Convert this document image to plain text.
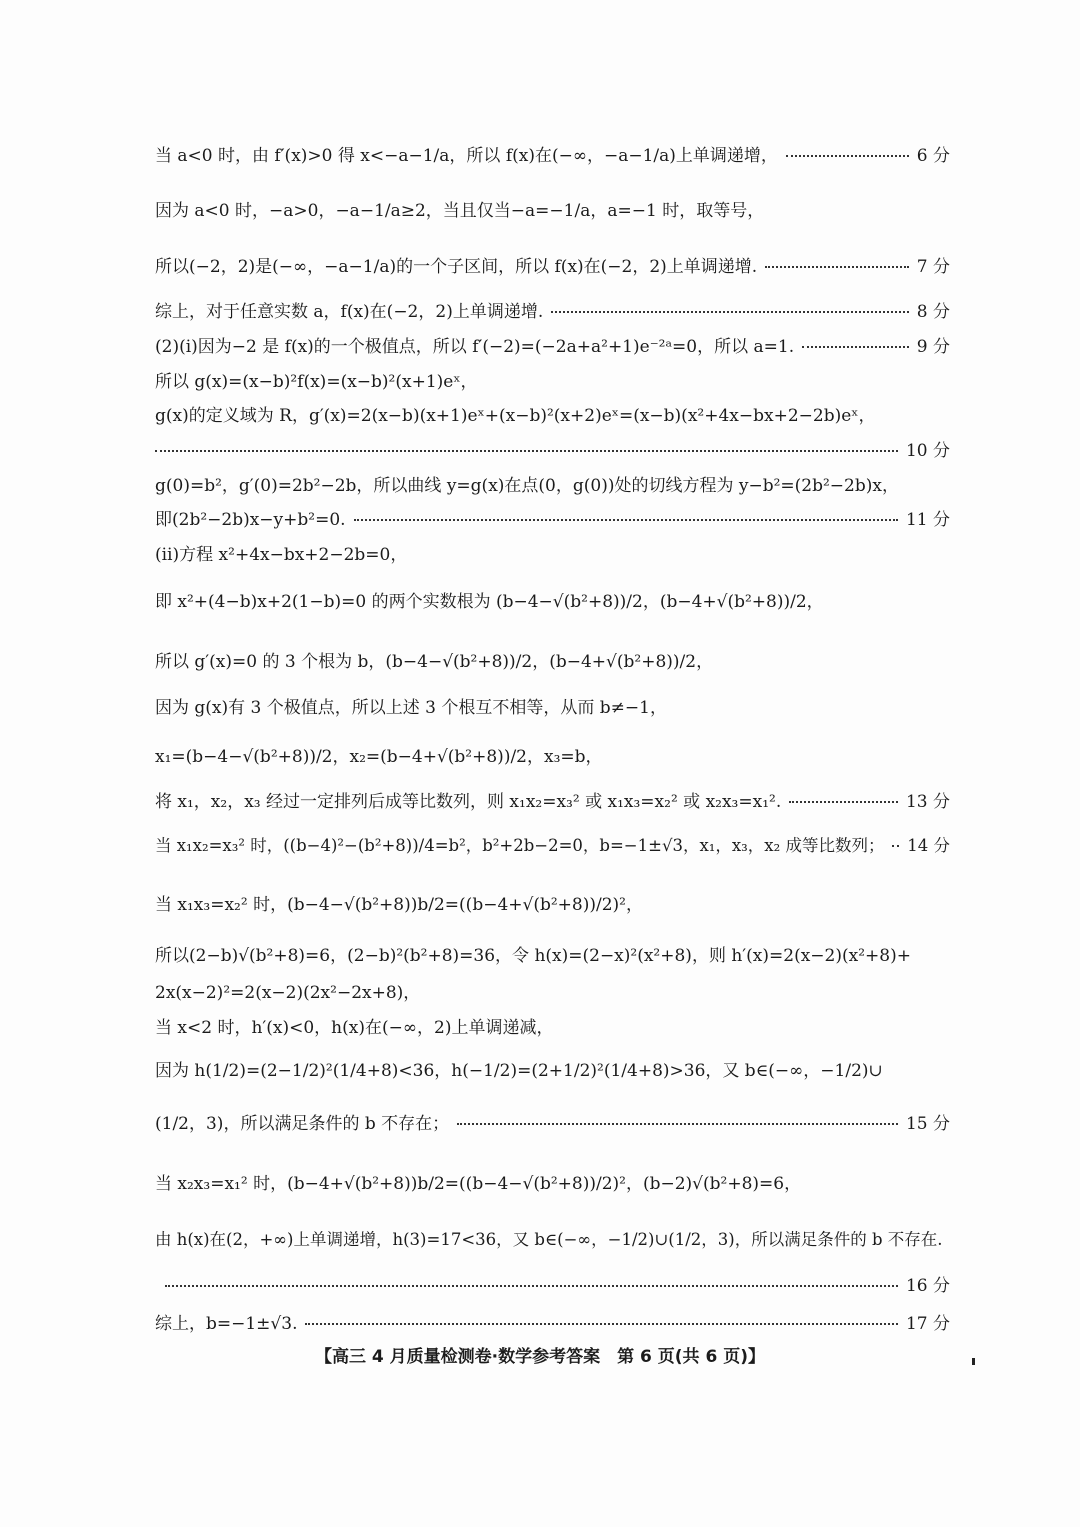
当 a<0 时，由 f′(x)>0 得 x<−a−1/a，所以 f(x)在(−∞，−a−1/a)上单调递增，	6 分
因为 a<0 时，−a>0，−a−1/a≥2，当且仅当−a=−1/a，a=−1 时，取等号，
所以(−2，2)是(−∞，−a−1/a)的一个子区间，所以 f(x)在(−2，2)上单调递增.	7 分
综上，对于任意实数 a，f(x)在(−2，2)上单调递增.	8 分
(2)(ⅰ)因为−2 是 f(x)的一个极值点，所以 f′(−2)=(−2a+a²+1)e⁻²ᵃ=0，所以 a=1.	9 分
所以 g(x)=(x−b)²f(x)=(x−b)²(x+1)eˣ，
g(x)的定义域为 R，g′(x)=2(x−b)(x+1)eˣ+(x−b)²(x+2)eˣ=(x−b)(x²+4x−bx+2−2b)eˣ，
10 分
g(0)=b²，g′(0)=2b²−2b，所以曲线 y=g(x)在点(0，g(0))处的切线方程为 y−b²=(2b²−2b)x，
即(2b²−2b)x−y+b²=0.	11 分
(ⅱ)方程 x²+4x−bx+2−2b=0，
即 x²+(4−b)x+2(1−b)=0 的两个实数根为 (b−4−√(b²+8))/2，(b−4+√(b²+8))/2，
所以 g′(x)=0 的 3 个根为 b，(b−4−√(b²+8))/2，(b−4+√(b²+8))/2，
因为 g(x)有 3 个极值点，所以上述 3 个根互不相等，从而 b≠−1，
x₁=(b−4−√(b²+8))/2，x₂=(b−4+√(b²+8))/2，x₃=b，
将 x₁，x₂，x₃ 经过一定排列后成等比数列，则 x₁x₂=x₃² 或 x₁x₃=x₂² 或 x₂x₃=x₁².	13 分
当 x₁x₂=x₃² 时，((b−4)²−(b²+8))/4=b²，b²+2b−2=0，b=−1±√3，x₁，x₃，x₂ 成等比数列； 14 分
当 x₁x₃=x₂² 时，(b−4−√(b²+8))b/2=((b−4+√(b²+8))/2)²，
所以(2−b)√(b²+8)=6，(2−b)²(b²+8)=36，令 h(x)=(2−x)²(x²+8)，则 h′(x)=2(x−2)(x²+8)+
2x(x−2)²=2(x−2)(2x²−2x+8)，
当 x<2 时，h′(x)<0，h(x)在(−∞，2)上单调递减，
因为 h(1/2)=(2−1/2)²(1/4+8)<36，h(−1/2)=(2+1/2)²(1/4+8)>36，又 b∈(−∞，−1/2)∪
(1/2，3)，所以满足条件的 b 不存在；	15 分
当 x₂x₃=x₁² 时，(b−4+√(b²+8))b/2=((b−4−√(b²+8))/2)²，(b−2)√(b²+8)=6，
由 h(x)在(2，+∞)上单调递增，h(3)=17<36，又 b∈(−∞，−1/2)∪(1/2，3)，所以满足条件的 b 不存在.
16 分
综上，b=−1±√3.	17 分
【高三 4 月质量检测卷·数学参考答案　第 6 页(共 6 页)】
